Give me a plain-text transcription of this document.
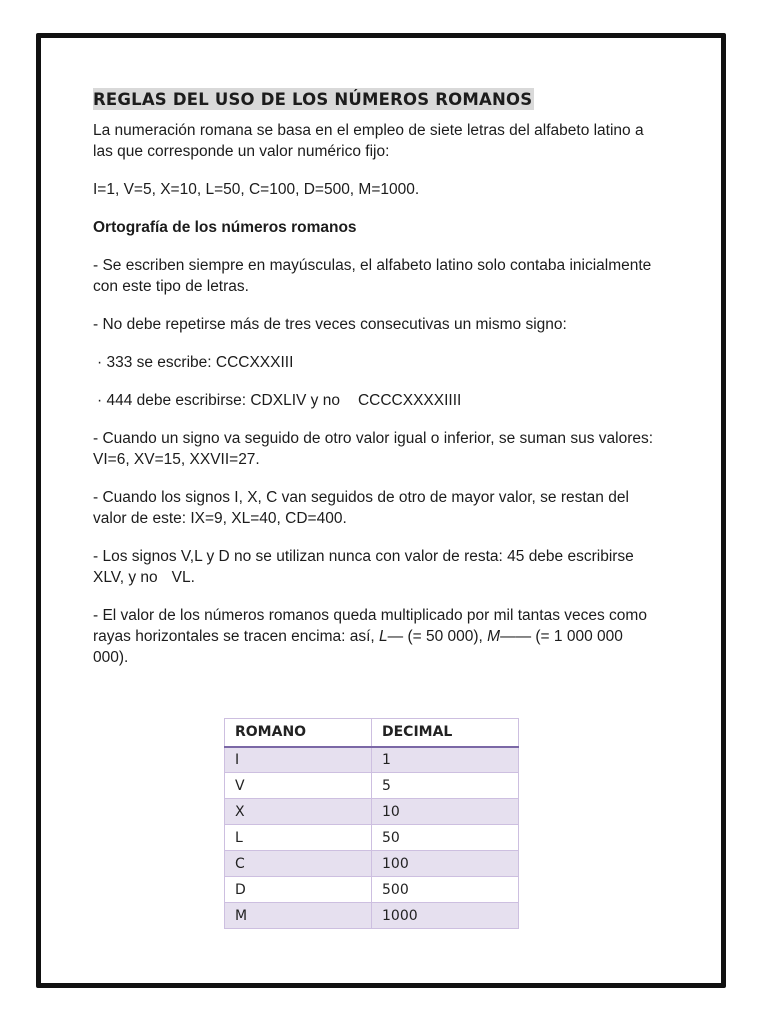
REGLAS DEL USO DE LOS NÚMEROS ROMANOS

La numeración romana se basa en el empleo de siete letras del alfabeto latino a las que corresponde un valor numérico fijo:

I=1, V=5, X=10, L=50, C=100, D=500, M=1000.

Ortografía de los números romanos

- Se escriben siempre en mayúsculas, el alfabeto latino solo contaba inicialmente con este tipo de letras.

- No debe repetirse más de tres veces consecutivas un mismo signo:

· 333 se escribe: CCCXXXIII

· 444 debe escribirse: CDXLIV y no CCCCXXXXIIII

- Cuando un signo va seguido de otro valor igual o inferior, se suman sus valores: VI=6, XV=15, XXVII=27.

- Cuando los signos I, X, C van seguidos de otro de mayor valor, se restan del valor de este: IX=9, XL=40, CD=400.

- Los signos V,L y D no se utilizan nunca con valor de resta: 45 debe escribirse XLV, y no VL.

- El valor de los números romanos queda multiplicado por mil tantas veces como rayas horizontales se tracen encima: así, L— (= 50 000), M—— (= 1 000 000 000).

ROMANO	DECIMAL
I	1
V	5
X	10
L	50
C	100
D	500
M	1000
